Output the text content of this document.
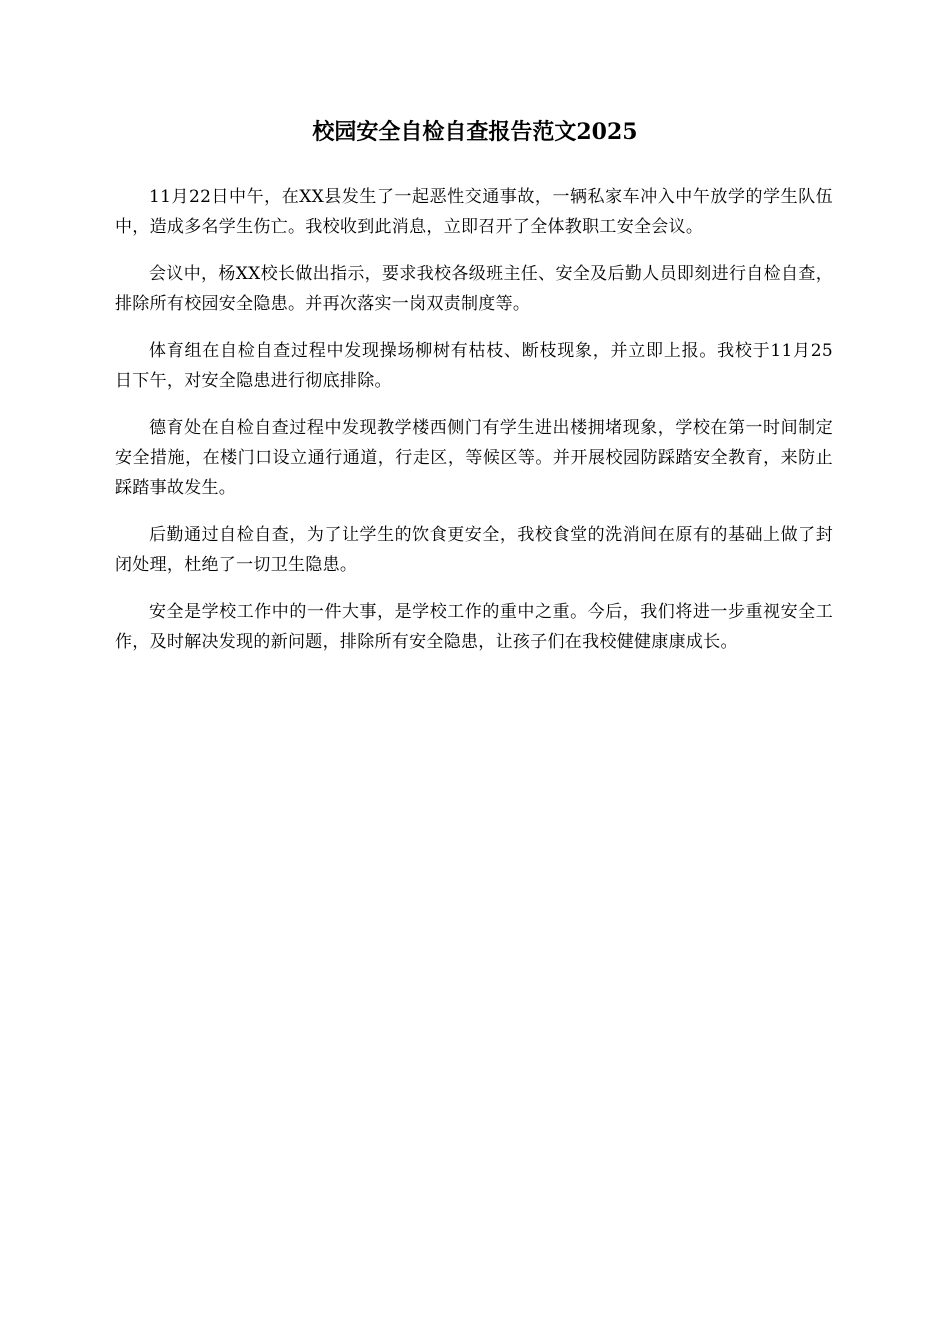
校园安全自检自查报告范文2025

11月22日中午，在XX县发生了一起恶性交通事故，一辆私家车冲入中午放学的学生队伍中，造成多名学生伤亡。我校收到此消息，立即召开了全体教职工安全会议。

会议中，杨XX校长做出指示，要求我校各级班主任、安全及后勤人员即刻进行自检自查，排除所有校园安全隐患。并再次落实一岗双责制度等。

体育组在自检自查过程中发现操场柳树有枯枝、断枝现象，并立即上报。我校于11月25日下午，对安全隐患进行彻底排除。

德育处在自检自查过程中发现教学楼西侧门有学生进出楼拥堵现象，学校在第一时间制定安全措施，在楼门口设立通行通道，行走区，等候区等。并开展校园防踩踏安全教育，来防止踩踏事故发生。

后勤通过自检自查，为了让学生的饮食更安全，我校食堂的洗消间在原有的基础上做了封闭处理，杜绝了一切卫生隐患。

安全是学校工作中的一件大事，是学校工作的重中之重。今后，我们将进一步重视安全工作，及时解决发现的新问题，排除所有安全隐患，让孩子们在我校健健康康成长。
